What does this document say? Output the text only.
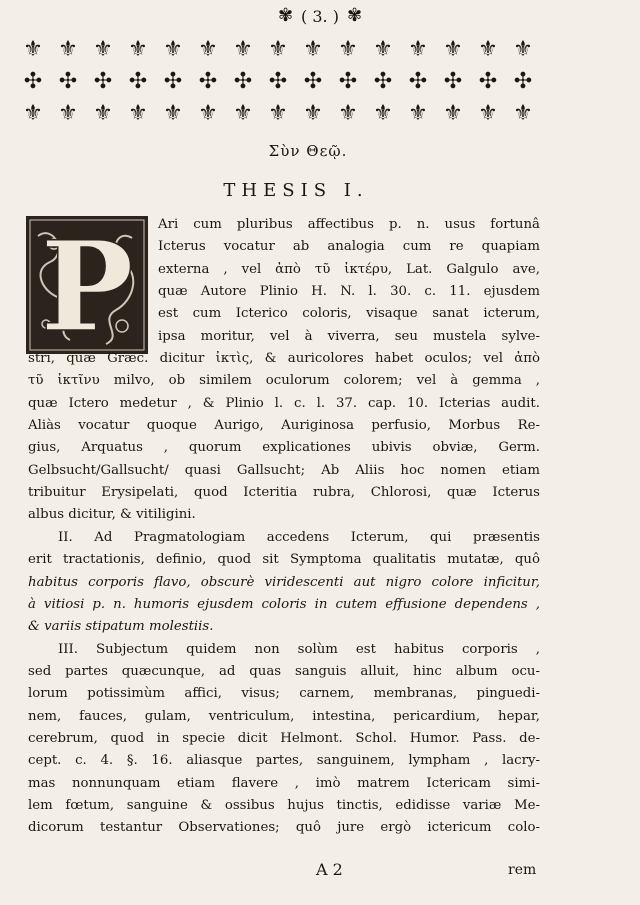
✾ ( 3. ) ✾
⚜ ⚜ ⚜ ⚜ ⚜ ⚜ ⚜ ⚜ ⚜ ⚜ ⚜ ⚜ ⚜ ⚜ ⚜
✣ ✣ ✣ ✣ ✣ ✣ ✣ ✣ ✣ ✣ ✣ ✣ ✣ ✣ ✣
⚜ ⚜ ⚜ ⚜ ⚜ ⚜ ⚜ ⚜ ⚜ ⚜ ⚜ ⚜ ⚜ ⚜ ⚜
Σὺν Θεῷ.
THESIS I.
P	Ari cum pluribus affectibus p. n. usus fortunâ
Icterus vocatur ab analogia cum re quapiam
externa , vel ἀπὸ τῦ ἰκτέρυ, Lat. Galgulo ave,
quæ Autore Plinio H. N. l. 30. c. 11. ejusdem
est cum Icterico coloris, visaque sanat icterum,
ipsa moritur, vel à viverra, seu mustela sylve-
stri, quæ Græc. dicitur ἰκτὶς, & auricolores habet oculos; vel ἀπὸ
τῦ ἰκτῖνυ milvo, ob similem oculorum colorem; vel à gemma ,
quæ Ictero medetur , & Plinio l. c. l. 37. cap. 10. Icterias audit.
Aliàs vocatur quoque Aurigo, Auriginosa perfusio, Morbus Re-
gius, Arquatus , quorum explicationes ubivis obviæ, Germ.
Gelbsucht/Gallsucht/ quasi Gallsucht; Ab Aliis hoc nomen etiam
tribuitur Erysipelati, quod Icteritia rubra, Chlorosi, quæ Icterus
albus dicitur, & vitiligini.
II. Ad Pragmatologiam accedens Icterum, qui præsentis
erit tractationis, definio, quod sit Symptoma qualitatis mutatæ, quô
habitus corporis flavo, obscurè viridescenti aut nigro colore inficitur,
à vitiosi p. n. humoris ejusdem coloris in cutem effusione dependens ,
& variis stipatum molestiis.
III. Subjectum quidem non solùm est habitus corporis ,
sed partes quæcunque, ad quas sanguis alluit, hinc album ocu-
lorum potissimùm affici, visus; carnem, membranas, pinguedi-
nem, fauces, gulam, ventriculum, intestina, pericardium, hepar,
cerebrum, quod in specie dicit Helmont. Schol. Humor. Pass. de-
cept. c. 4. §. 16. aliasque partes, sanguinem, lympham , lacry-
mas nonnunquam etiam flavere , imò matrem Ictericam simi-
lem fœtum, sanguine & ossibus hujus tinctis, edidisse variæ Me-
dicorum testantur Observationes; quô jure ergò ictericum colo-
A 2	rem
